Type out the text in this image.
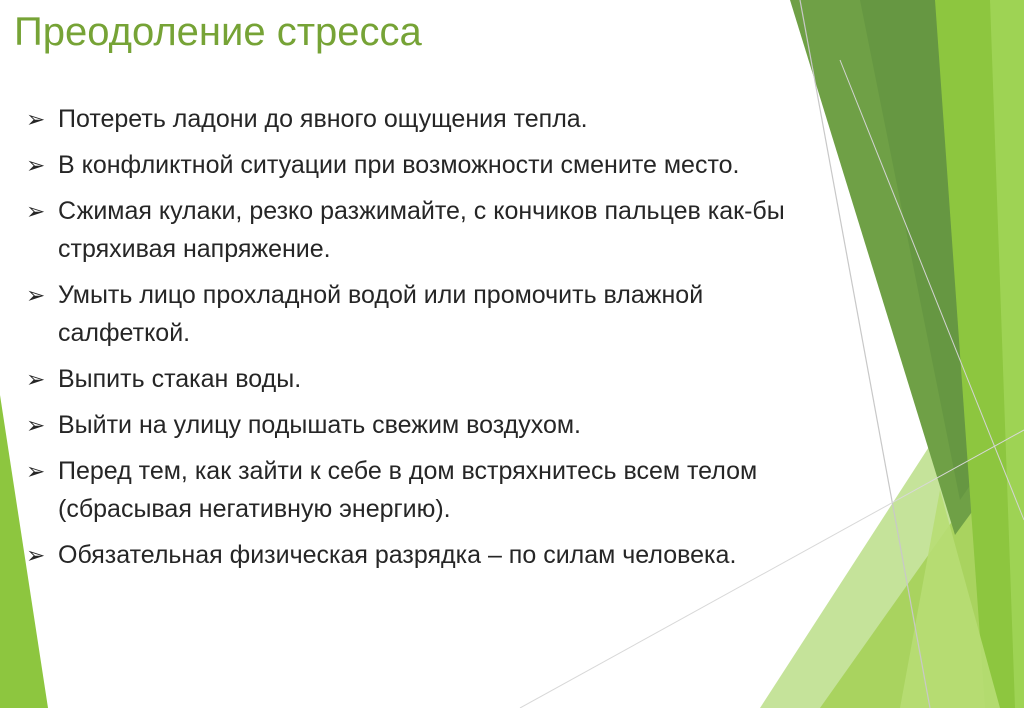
Преодоление стресса
➢ Потереть ладони до явного ощущения тепла.
➢ В конфликтной ситуации при возможности смените место.
➢ Сжимая кулаки, резко разжимайте, с кончиков пальцев как-бы стряхивая напряжение.
➢ Умыть лицо прохладной водой или промочить влажной салфеткой.
➢ Выпить стакан воды.
➢ Выйти на улицу подышать свежим воздухом.
➢ Перед тем, как зайти к себе в дом встряхнитесь всем телом (сбрасывая негативную энергию).
➢ Обязательная физическая разрядка – по силам человека.
